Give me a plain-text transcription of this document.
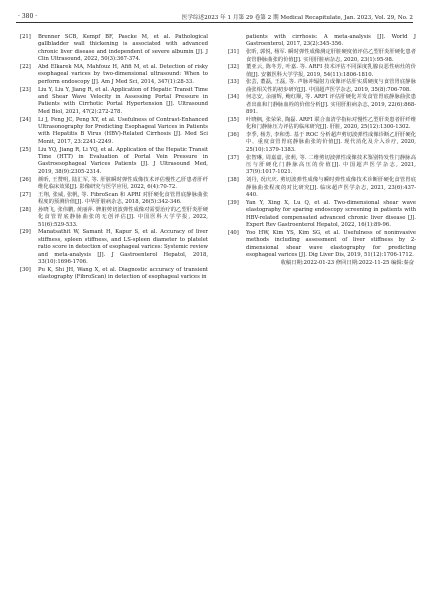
· 380 ·	医学综述2023 年 1 月第 29 卷第 2 期 Medical Recapitulate, Jan. 2023, Vol. 29, No. 2
[21]	Brenner SCB, Kempf BF, Pascke M, et al. Pathological gallbladder wall thickening is associated with advanced chronic liver disease and independent of severe albumin [J]. J Clin Ultrasound, 2022, 50(3):367-374.
[22]	Abd Elkarek MA, Mahfouz H, Afifi M, et al. Detection of risky esophageal varices by two-dimensional ultrasound: When to perform endoscopy [J]. Am J Med Sci, 2014, 347(1):28-33.
[23]	Liu Y, Liu Y, Jiang R, et al. Application of Hepatic Transit Time and Shear Wave Velocity in Assessing Portal Pressure in Patients with Cirrhotic Portal Hypertension [J]. Ultrasound Med Biol, 2021, 47(2):272-278.
[24]	Li J, Feng JC, Peng XY, et al. Usefulness of Contrast-Enhanced Ultrasonography for Predicting Esophageal Varices in Patients with Hepatitis B Virus (HBV)-Related Cirrhosis [J]. Med Sci Monit, 2017, 23:2241-2249.
[25]	Liu YQ, Jiang R, Li YQ, et al. Application of the Hepatic Transit Time (HTT) in Evaluation of Portal Vein Pressure in Gastroesophageal Varices Patients [J]. J Ultrasound Med, 2019, 38(9):2305-2314.
[26]	颜昕, 王赞明, 陆汇军, 等. 肝脏瞬时弹性成像技术评估慢性乙肝患者肝纤维化临床效果[J]. 影像研究与医学应用, 2022, 6(4):70-72.
[27]	王翔, 张威, 张帆, 等. FibroScan 和 APRI 对肝硬化食管胃底静脉曲张程度的预测价值[J]. 中华肝脏病杂志, 2018, 26(5):342-346.
[28]	孙晓飞, 张伟鹏, 黄丽萍. 脾脏剪切波弹性成像对需要治疗的乙型肝炎肝硬化食管胃底静脉曲张的无创评估[J]. 中国医科大学学报, 2022, 51(6):529-533.
[29]	Manatsathit W, Samant H, Kapur S, et al. Accuracy of liver stiffness, spleen stiffness, and LS-spleen diameter to platelet ratio score in detection of esophageal varices: Systemic review and meta-analysis [J]. J Gastroenterol Hepatol, 2018, 33(10):1696-1706.
[30]	Pu K, Shi JH, Wang X, et al. Diagnostic accuracy of transient elastography (FibroScan) in detection of esophageal varices in
patients with cirrhosis: A meta-analysis [J]. World J Gastroenterol, 2017, 23(2):345-356.
[31]	张昕, 郭悦, 杨军. 瞬时弹性成像测定肝脏硬度值评估乙型肝炎肝硬化患者食管静脉曲张的价值[J]. 实用肝脏病杂志, 2020, 23(1):95-98.
[32]	董亚云, 陈冬芳, 叶嘉. 等. ARFI 技术评估不同深度乳腺良恶性病灶的价值[J]. 安徽医科大学学报, 2019, 54(11):1806-1810.
[33]	张芸, 董磊, 王磊, 等. 声脉冲辐射力成像评估肝实质硬度与食管胃底静脉曲张相关性的初步研究[J]. 中国超声医学杂志, 2019, 35(8):706-708.
[34]	何志安, 余丽辉, 鲍红顺, 等. ARFI 评估肝硬化并发食管胃底静脉曲张患者出血和门静脉血栓的价值分析[J]. 实用肝脏病杂志, 2019, 22(6):868-891.
[35]	叶晓枫, 张荣荣, 陶磊. ARFI 联合血清学指标对慢性乙型肝炎患者肝纤维化和门静脉压力评估的临床研究[J]. 肝脏, 2020, 25(12):1300-1302.
[36]	李季, 杨芳, 李和勇. 基于 ROC 分析超声剪切波弹性成像诊断乙肝肝硬化中、重度食管胃底静脉曲张的价值[J]. 现代消化及介入诊疗, 2020, 25(10):1379-1383.
[37]	张智琳, 周嘉嘉, 张莉, 等. 二维剪切波弹性成像技术鉴别特发性门静脉高压与肝硬化门静脉高压的价值[J]. 中国超声医学杂志, 2021, 37(9):1017-1021.
[38]	刘丹, 况庆庆. 剪切波弹性成像与瞬时弹性成像技术诊断肝硬化食管胃底静脉曲张程度的对比研究[J]. 临床超声医学杂志, 2021, 23(6):437-440.
[39]	Yan Y, Xing X, Lu Q, et al. Two-dimensional shear wave elastography for sparing endoscopy screening in patients with HBV-related compensated advanced chronic liver disease [J]. Expert Rev Gastroenterol Hepatol, 2022, 16(1):89-96.
[40]	Yoo HW, Kim YS, Kim SG, et al. Usefulness of noninvasive methods including assessment of liver stiffness by 2-dimensional shear wave elastography for predicting esophageal varices [J]. Dig Liver Dis, 2019, 51(12):1706-1712.
收稿日期:2022-01-23 修回日期:2022-11-25 编辑:秦奋
